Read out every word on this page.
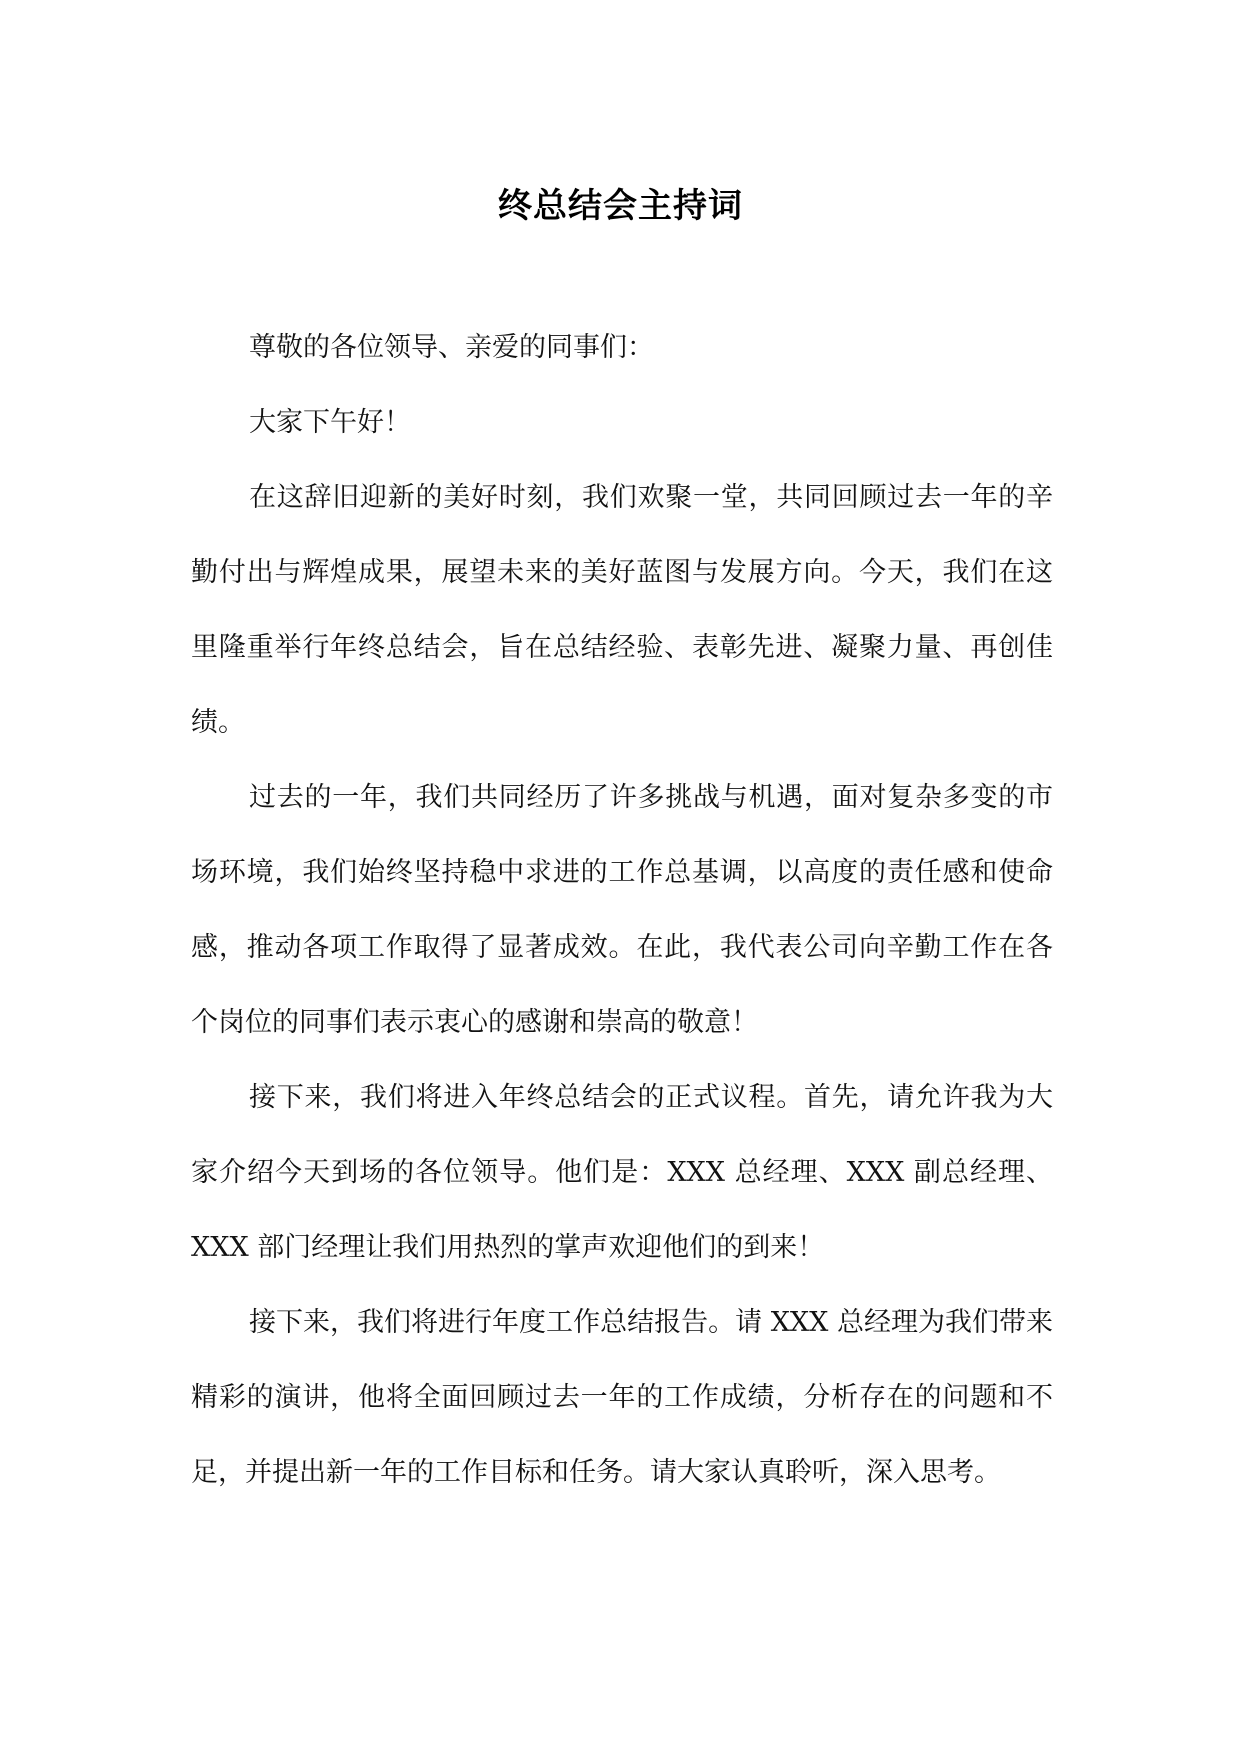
终总结会主持词

尊敬的各位领导、亲爱的同事们：

大家下午好！

在这辞旧迎新的美好时刻，我们欢聚一堂，共同回顾过去一年的辛勤付出与辉煌成果，展望未来的美好蓝图与发展方向。今天，我们在这里隆重举行年终总结会，旨在总结经验、表彰先进、凝聚力量、再创佳绩。

过去的一年，我们共同经历了许多挑战与机遇，面对复杂多变的市场环境，我们始终坚持稳中求进的工作总基调，以高度的责任感和使命感，推动各项工作取得了显著成效。在此，我代表公司向辛勤工作在各个岗位的同事们表示衷心的感谢和崇高的敬意！

接下来，我们将进入年终总结会的正式议程。首先，请允许我为大家介绍今天到场的各位领导。他们是：XXX 总经理、XXX 副总经理、XXX 部门经理让我们用热烈的掌声欢迎他们的到来！

接下来，我们将进行年度工作总结报告。请 XXX 总经理为我们带来精彩的演讲，他将全面回顾过去一年的工作成绩，分析存在的问题和不足，并提出新一年的工作目标和任务。请大家认真聆听，深入思考。
